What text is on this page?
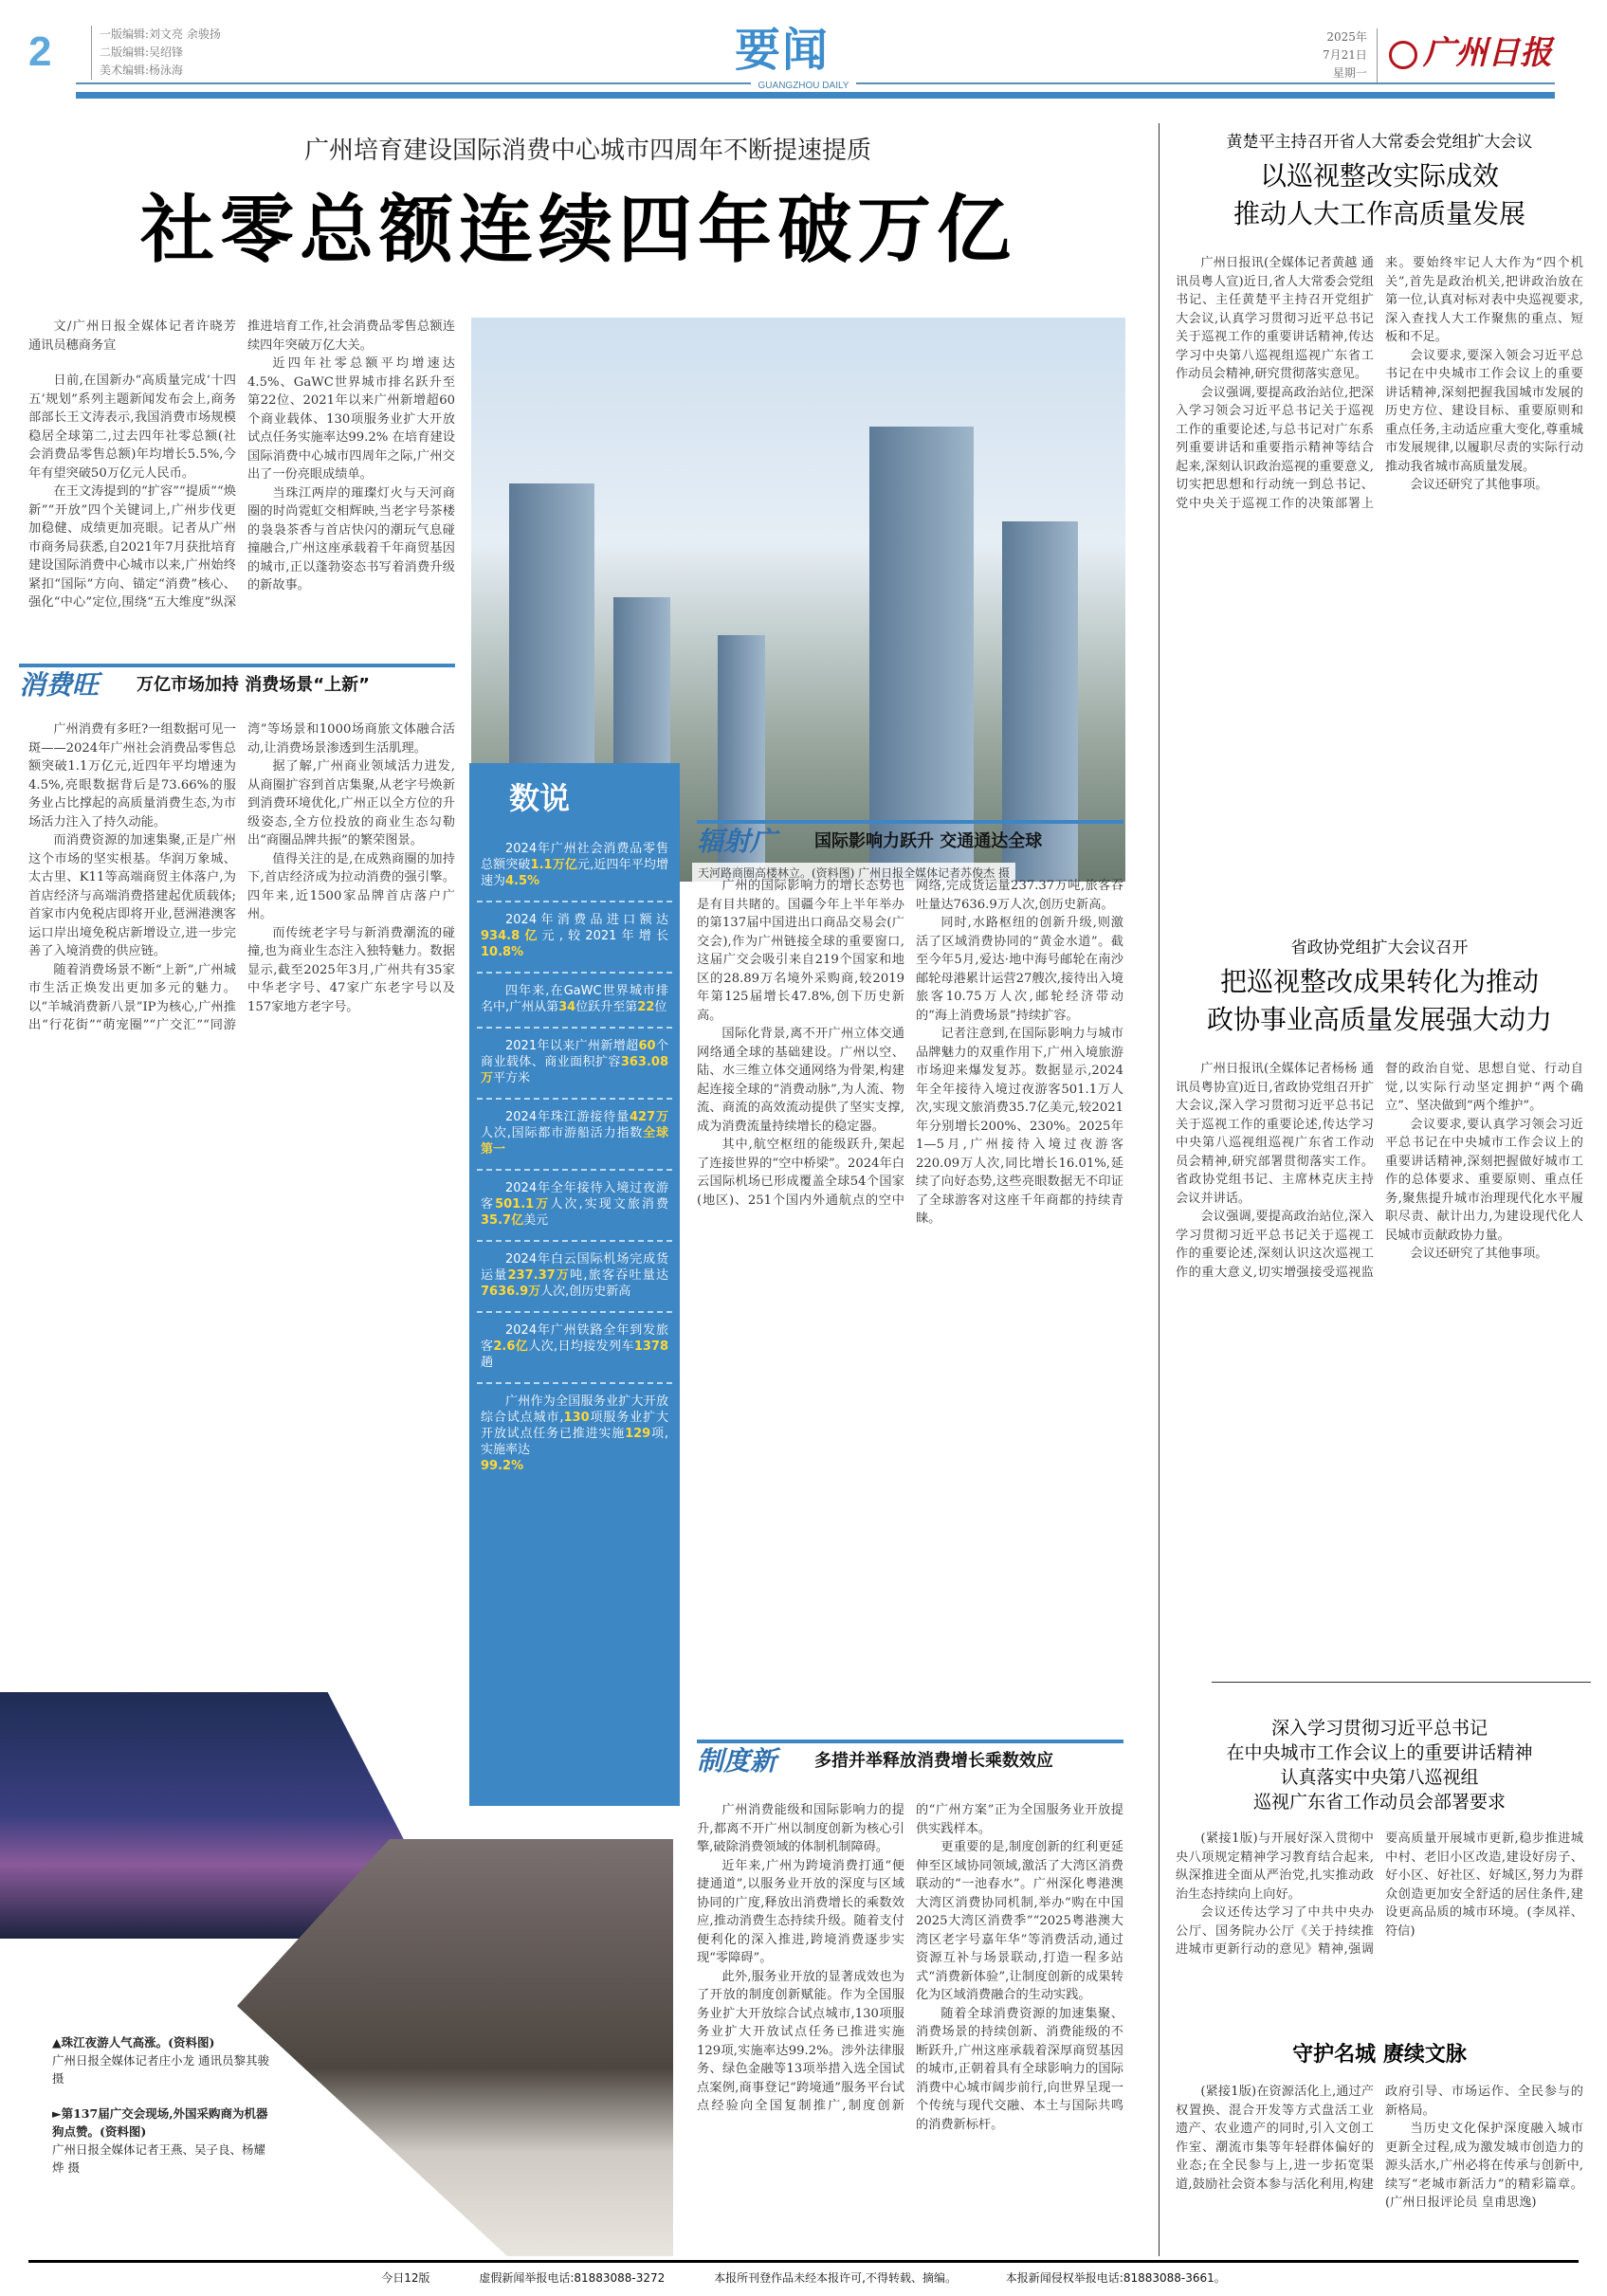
2	一版编辑:刘文亮 余骏扬
二版编辑:吴绍锋
美术编辑:杨泳海	要闻
GUANGZHOU DAILY
2025年
7月21日
星期一
广州日报
广州培育建设国际消费中心城市四周年不断提速提质
社零总额连续四年破万亿

文/广州日报全媒体记者许晓芳 通讯员穗商务宣

日前,在国新办“高质量完成‘十四五’规划”系列主题新闻发布会上,商务部部长王文涛表示,我国消费市场规模稳居全球第二,过去四年社零总额(社会消费品零售总额)年均增长5.5%,今年有望突破50万亿元人民币。

在王文涛提到的“扩容”“提质”“焕新”“开放”四个关键词上,广州步伐更加稳健、成绩更加亮眼。记者从广州市商务局获悉,自2021年7月获批培育建设国际消费中心城市以来,广州始终紧扣“国际”方向、锚定“消费”核心、强化“中心”定位,围绕“五大维度”纵深推进培育工作,社会消费品零售总额连续四年突破万亿大关。

近四年社零总额平均增速达4.5%、GaWC世界城市排名跃升至第22位、2021年以来广州新增超60个商业载体、130项服务业扩大开放试点任务实施率达99.2% 在培育建设国际消费中心城市四周年之际,广州交出了一份亮眼成绩单。

当珠江两岸的璀璨灯火与天河商圈的时尚霓虹交相辉映,当老字号茶楼的袅袅茶香与首店快闪的潮玩气息碰撞融合,广州这座承载着千年商贸基因的城市,正以蓬勃姿态书写着消费升级的新故事。

天河路商圈高楼林立。(资料图) 广州日报全媒体记者苏俊杰 摄
消费旺 万亿市场加持 消费场景“上新”

广州消费有多旺?一组数据可见一斑——2024年广州社会消费品零售总额突破1.1万亿元,近四年平均增速为4.5%,亮眼数据背后是73.66%的服务业占比撑起的高质量消费生态,为市场活力注入了持久动能。

而消费资源的加速集聚,正是广州这个市场的坚实根基。华润万象城、太古里、K11等高端商贸主体落户,为首店经济与高端消费搭建起优质载体;首家市内免税店即将开业,琶洲港澳客运口岸出境免税店新增设立,进一步完善了入境消费的供应链。

随着消费场景不断“上新”,广州城市生活正焕发出更加多元的魅力。以“羊城消费新八景”IP为核心,广州推出“行花街”“萌宠圈”“广交汇”“同游湾”等场景和1000场商旅文体融合活动,让消费场景渗透到生活肌理。

据了解,广州商业领域活力进发,从商圈扩容到首店集聚,从老字号焕新到消费环境优化,广州正以全方位的升级姿态,全方位投放的商业生态勾勒出“商圈品牌共振”的繁荣图景。

值得关注的是,在成熟商圈的加持下,首店经济成为拉动消费的强引擎。四年来,近1500家品牌首店落户广州。

而传统老字号与新消费潮流的碰撞,也为商业生态注入独特魅力。数据显示,截至2025年3月,广州共有35家中华老字号、47家广东老字号以及157家地方老字号。

数说
2024年广州社会消费品零售总额突破1.1万亿元,近四年平均增速为4.5%
2024年消费品进口额达934.8亿元,较2021年增长10.8%
四年来,在GaWC世界城市排名中,广州从第34位跃升至第22位
2021年以来广州新增超60个商业载体、商业面积扩容363.08万平方米
2024年珠江游接待量427万人次,国际都市游船活力指数全球第一
2024年全年接待入境过夜游客501.1万人次,实现文旅消费35.7亿美元
2024年白云国际机场完成货运量237.37万吨,旅客吞吐量达7636.9万人次,创历史新高
2024年广州铁路全年到发旅客2.6亿人次,日均接发列车1378趟
广州作为全国服务业扩大开放综合试点城市,130项服务业扩大开放试点任务已推进实施129项,实施率达
99.2%
辐射广 国际影响力跃升 交通通达全球

广州的国际影响力的增长态势也是有目共睹的。国疆今年上半年举办的第137届中国进出口商品交易会(广交会),作为广州链接全球的重要窗口,这届广交会吸引来自219个国家和地区的28.89万名境外采购商,较2019年第125届增长47.8%,创下历史新高。

国际化背景,离不开广州立体交通网络通全球的基础建设。广州以空、陆、水三维立体交通网络为骨架,构建起连接全球的“消费动脉”,为人流、物流、商流的高效流动提供了坚实支撑,成为消费流量持续增长的稳定器。

其中,航空枢纽的能级跃升,架起了连接世界的“空中桥梁”。2024年白云国际机场已形成覆盖全球54个国家(地区)、251个国内外通航点的空中网络,完成货运量237.37万吨,旅客吞吐量达7636.9万人次,创历史新高。

同时,水路枢纽的创新升级,则激活了区域消费协同的“黄金水道”。截至今年5月,爱达·地中海号邮轮在南沙邮轮母港累计运营27艘次,接待出入境旅客10.75万人次,邮轮经济带动的“海上消费场景”持续扩容。

记者注意到,在国际影响力与城市品牌魅力的双重作用下,广州入境旅游市场迎来爆发复苏。数据显示,2024年全年接待入境过夜游客501.1万人次,实现文旅消费35.7亿美元,较2021年分别增长200%、230%。2025年1—5月,广州接待入境过夜游客220.09万人次,同比增长16.01%,延续了向好态势,这些亮眼数据无不印证了全球游客对这座千年商都的持续青睐。

制度新 多措并举释放消费增长乘数效应

广州消费能级和国际影响力的提升,都离不开广州以制度创新为核心引擎,破除消费领域的体制机制障碍。

近年来,广州为跨境消费打通“便捷通道”,以服务业开放的深度与区域协同的广度,释放出消费增长的乘数效应,推动消费生态持续升级。随着支付便利化的深入推进,跨境消费逐步实现“零障碍”。

此外,服务业开放的显著成效也为了开放的制度创新赋能。作为全国服务业扩大开放综合试点城市,130项服务业扩大开放试点任务已推进实施129项,实施率达99.2%。涉外法律服务、绿色金融等13项举措入选全国试点案例,商事登记“跨境通”服务平台试点经验向全国复制推广,制度创新的“广州方案”正为全国服务业开放提供实践样本。

更重要的是,制度创新的红利更延伸至区域协同领域,激活了大湾区消费联动的“一池春水”。广州深化粤港澳大湾区消费协同机制,举办“购在中国2025大湾区消费季”“2025粤港澳大湾区老字号嘉年华”等消费活动,通过资源互补与场景联动,打造一程多站式“消费新体验”,让制度创新的成果转化为区域消费融合的生动实践。

随着全球消费资源的加速集聚、消费场景的持续创新、消费能级的不断跃升,广州这座承载着深厚商贸基因的城市,正朝着具有全球影响力的国际消费中心城市阔步前行,向世界呈现一个传统与现代交融、本土与国际共鸣的消费新标杆。

▲珠江夜游人气高涨。(资料图)
广州日报全媒体记者庄小龙 通讯员黎其骏 摄
►第137届广交会现场,外国采购商为机器狗点赞。(资料图)
广州日报全媒体记者王燕、吴子良、杨耀烨 摄
黄楚平主持召开省人大常委会党组扩大会议
以巡视整改实际成效
推动人大工作高质量发展

广州日报讯(全媒体记者黄越 通讯员粤人宣)近日,省人大常委会党组书记、主任黄楚平主持召开党组扩大会议,认真学习贯彻习近平总书记关于巡视工作的重要讲话精神,传达学习中央第八巡视组巡视广东省工作动员会精神,研究贯彻落实意见。

会议强调,要提高政治站位,把深入学习领会习近平总书记关于巡视工作的重要论述,与总书记对广东系列重要讲话和重要指示精神等结合起来,深刻认识政治巡视的重要意义,切实把思想和行动统一到总书记、党中央关于巡视工作的决策部署上来。要始终牢记人大作为“四个机关”,首先是政治机关,把讲政治放在第一位,认真对标对表中央巡视要求,深入查找人大工作聚焦的重点、短板和不足。

会议要求,要深入领会习近平总书记在中央城市工作会议上的重要讲话精神,深刻把握我国城市发展的历史方位、建设目标、重要原则和重点任务,主动适应重大变化,尊重城市发展规律,以履职尽责的实际行动推动我省城市高质量发展。

会议还研究了其他事项。

省政协党组扩大会议召开
把巡视整改成果转化为推动
政协事业高质量发展强大动力

广州日报讯(全媒体记者杨杨 通讯员粤协宣)近日,省政协党组召开扩大会议,深入学习贯彻习近平总书记关于巡视工作的重要论述,传达学习中央第八巡视组巡视广东省工作动员会精神,研究部署贯彻落实工作。省政协党组书记、主席林克庆主持会议并讲话。

会议强调,要提高政治站位,深入学习贯彻习近平总书记关于巡视工作的重要论述,深刻认识这次巡视工作的重大意义,切实增强接受巡视监督的政治自觉、思想自觉、行动自觉,以实际行动坚定拥护“两个确立”、坚决做到“两个维护”。

会议要求,要认真学习领会习近平总书记在中央城市工作会议上的重要讲话精神,深刻把握做好城市工作的总体要求、重要原则、重点任务,聚焦提升城市治理现代化水平履职尽责、献计出力,为建设现代化人民城市贡献政协力量。

会议还研究了其他事项。

深入学习贯彻习近平总书记
在中央城市工作会议上的重要讲话精神
认真落实中央第八巡视组
巡视广东省工作动员会部署要求

(紧接1版)与开展好深入贯彻中央八项规定精神学习教育结合起来,纵深推进全面从严治党,扎实推动政治生态持续向上向好。

会议还传达学习了中共中央办公厅、国务院办公厅《关于持续推进城市更新行动的意见》精神,强调要高质量开展城市更新,稳步推进城中村、老旧小区改造,建设好房子、好小区、好社区、好城区,努力为群众创造更加安全舒适的居住条件,建设更高品质的城市环境。(李凤祥、符信)

守护名城 赓续文脉

(紧接1版)在资源活化上,通过产权置换、混合开发等方式盘活工业遗产、农业遗产的同时,引入文创工作室、潮流市集等年轻群体偏好的业态;在全民参与上,进一步拓宽渠道,鼓励社会资本参与活化利用,构建政府引导、市场运作、全民参与的新格局。

当历史文化保护深度融入城市更新全过程,成为激发城市创造力的源头活水,广州必将在传承与创新中,续写“老城市新活力”的精彩篇章。(广州日报评论员 皇甫思逸)

今日12版	虚假新闻举报电话:81883088-3272	本报所刊登作品未经本报许可,不得转载、摘编。	本报新闻侵权举报电话:81883088-3661。
